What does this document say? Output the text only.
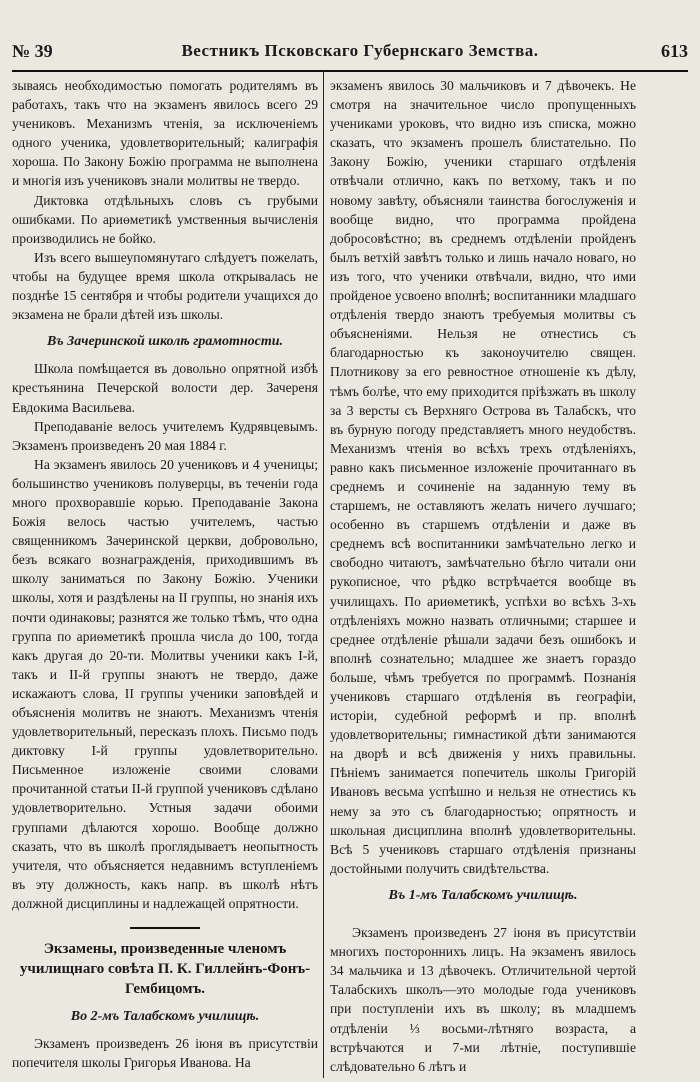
№ 39	Вестникъ Псковскаго Губернскаго Земства.	613

зываясь необходимостью помогать родителямъ въ работахъ, такъ что на экзаменъ явилось всего 29 учениковъ. Механизмъ чтенія, за исключеніемъ одного ученика, удовлетворительный; калиграфія хороша. По Закону Божію программа не выполнена и многія изъ учениковъ знали молитвы не твердо.

Диктовка отдѣльныхъ словъ съ грубыми ошибками. По ариѳметикѣ умственныя вычисленія производились не бойко.

Изъ всего вышеупомянутаго слѣдуетъ пожелать, чтобы на будущее время школа открывалась не позднѣе 15 сентября и чтобы родители учащихся до экзамена не брали дѣтей изъ школы.

Въ Зачеринской школѣ грамотности.

Школа помѣщается въ довольно опрятной избѣ крестьянина Печерской волости дер. Зачереня Евдокима Васильева.

Преподаваніе велось учителемъ Кудрявцевымъ. Экзаменъ произведенъ 20 мая 1884 г.

На экзаменъ явилось 20 учениковъ и 4 ученицы; большинство учениковъ полуверцы, въ теченіи года много прохворавшіе корью. Преподаваніе Закона Божія велось частью учителемъ, частью священникомъ Зачеринской церкви, добровольно, безъ всякаго вознагражденія, приходившимъ въ школу заниматься по Закону Божію. Ученики школы, хотя и раздѣлены на II группы, но знанія ихъ почти одинаковы; разнятся же только тѣмъ, что одна группа по ариѳметикѣ прошла числа до 100, тогда какъ другая до 20-ти. Молитвы ученики какъ І-й, такъ и ІІ-й группы знаютъ не твердо, даже искажаютъ слова, II группы ученики заповѣдей и объясненія молитвъ не знаютъ. Механизмъ чтенія удовлетворительный, пересказъ плохъ. Письмо подъ диктовку І-й группы удовлетворительно. Письменное изложеніе своими словами прочитанной статьи ІІ-й группой учениковъ сдѣлано удовлетворительно. Устныя задачи обоими группами дѣлаются хорошо. Вообще должно сказать, что въ школѣ проглядываетъ неопытность учителя, что объясняется недавнимъ вступленіемъ въ эту должность, какъ напр. въ школѣ нѣтъ должной дисциплины и надлежащей опрятности.

Экзамены, произведенные членомъ училищнаго совѣта П. К. Гиллейнъ-Фонъ-Гембицомъ.
Во 2-мъ Талабскомъ училищѣ.

Экзаменъ произведенъ 26 іюня въ присутствіи попечителя школы Григорья Иванова. На

экзаменъ явилось 30 мальчиковъ и 7 дѣвочекъ. Не смотря на значительное число пропущенныхъ учениками уроковъ, что видно изъ списка, можно сказать, что экзаменъ прошелъ блистательно. По Закону Божію, ученики старшаго отдѣленія отвѣчали отлично, какъ по ветхому, такъ и по новому завѣту, объясняли таинства богослуженія и вообще видно, что программа пройдена добросовѣстно; въ среднемъ отдѣленіи пройденъ былъ ветхій завѣтъ только и лишь начало новаго, но изъ того, что ученики отвѣчали, видно, что ими пройденое усвоено вполнѣ; воспитанники младшаго отдѣленія твердо знаютъ требуемыя молитвы съ объясненіями. Нельзя не отнестись съ благодарностью къ законоучителю священ. Плотникову за его ревностное отношеніе къ дѣлу, тѣмъ болѣе, что ему приходится пріѣзжать въ школу за 3 версты съ Верхняго Острова въ Талабскъ, что въ бурную погоду представляетъ много неудобствъ. Механизмъ чтенія во всѣхъ трехъ отдѣленіяхъ, равно какъ письменное изложеніе прочитаннаго въ среднемъ и сочиненіе на заданную тему въ старшемъ, не оставляютъ желать ничего лучшаго; особенно въ старшемъ отдѣленіи и даже въ среднемъ всѣ воспитанники замѣчательно легко и свободно читаютъ, замѣчательно бѣгло читали они рукописное, что рѣдко встрѣчается вообще въ училищахъ. По ариѳметикѣ, успѣхи во всѣхъ 3-хъ отдѣленіяхъ можно назвать отличными; старшее и среднее отдѣленіе рѣшали задачи безъ ошибокъ и вполнѣ сознательно; младшее же знаетъ гораздо больше, чѣмъ требуется по программѣ. Познанія учениковъ старшаго отдѣленія въ географіи, исторіи, судебной реформѣ и пр. вполнѣ удовлетворительны; гимнастикой дѣти занимаются на дворѣ и всѣ движенія у нихъ правильны. Пѣніемъ занимается попечитель школы Григорій Ивановъ весьма успѣшно и нельзя не отнестись къ нему за это съ благодарностью; опрятность и школьная дисциплина вполнѣ удовлетворительны. Всѣ 5 учениковъ старшаго отдѣленія признаны достойными получить свидѣтельства.

Въ 1-мъ Талабскомъ училищѣ.

Экзаменъ произведенъ 27 іюня въ присутствіи многихъ постороннихъ лицъ. На экзаменъ явилось 34 мальчика и 13 дѣвочекъ. Отличительной чертой Талабскихъ школъ—это молодые года учениковъ при поступленіи ихъ въ школу; въ младшемъ отдѣленіи ⅓ восьми-лѣтняго возраста, а встрѣчаются и 7-ми лѣтніе, поступившіе слѣдовательно 6 лѣтъ и
